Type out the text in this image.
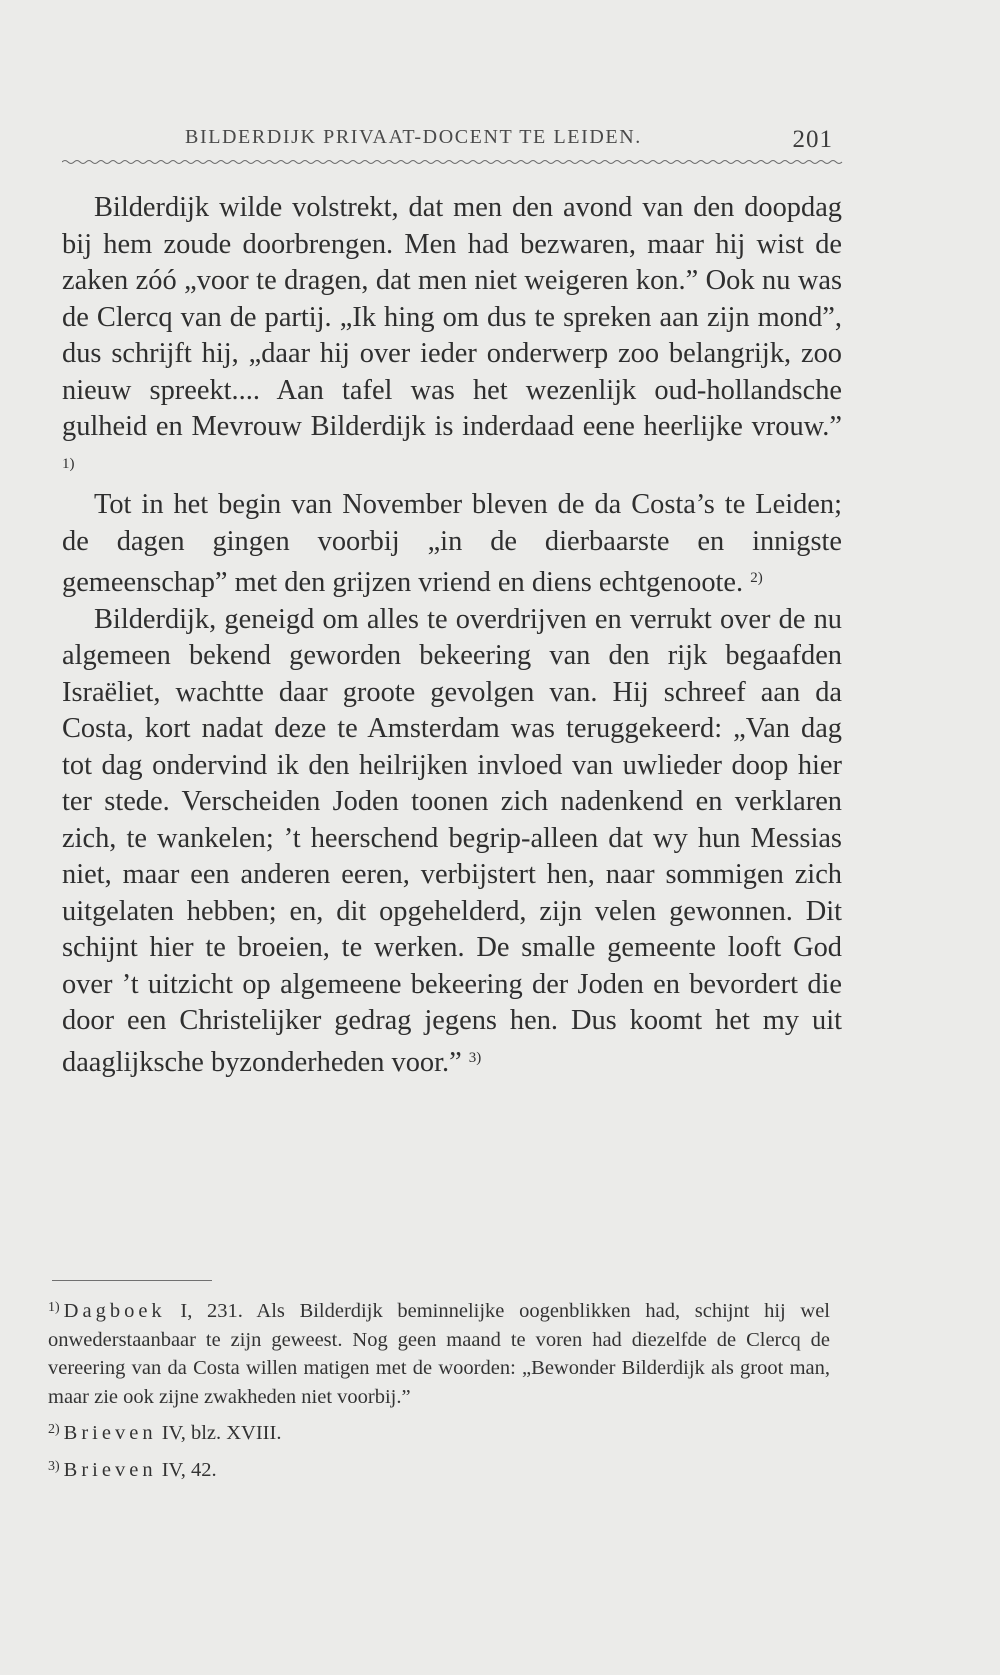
BILDERDIJK PRIVAAT-DOCENT TE LEIDEN.	201

Bilderdijk wilde volstrekt, dat men den avond van den doopdag bij hem zoude doorbrengen. Men had bezwaren, maar hij wist de zaken zóó „voor te dragen, dat men niet weigeren kon.” Ook nu was de Clercq van de partij. „Ik hing om dus te spreken aan zijn mond”, dus schrijft hij, „daar hij over ieder onderwerp zoo belangrijk, zoo nieuw spreekt.... Aan tafel was het wezenlijk oud-hollandsche gulheid en Mevrouw Bilderdijk is inderdaad eene heerlijke vrouw.” $^{1)}$

Tot in het begin van November bleven de da Costa’s te Leiden; de dagen gingen voorbij „in de dierbaarste en innigste gemeenschap” met den grijzen vriend en diens echtgenoote. $^{2)}$

Bilderdijk, geneigd om alles te overdrijven en verrukt over de nu algemeen bekend geworden bekeering van den rijk begaafden Israëliet, wachtte daar groote gevolgen van. Hij schreef aan da Costa, kort nadat deze te Amsterdam was teruggekeerd: „Van dag tot dag ondervind ik den heilrijken invloed van uwlieder doop hier ter stede. Verscheiden Joden toonen zich nadenkend en verklaren zich, te wankelen; ’t heerschend begrip-alleen dat wy hun Messias niet, maar een anderen eeren, verbijstert hen, naar sommigen zich uitgelaten hebben; en, dit opgehelderd, zijn velen gewonnen. Dit schijnt hier te broeien, te werken. De smalle gemeente looft God over ’t uitzicht op algemeene bekeering der Joden en bevordert die door een Christelijker gedrag jegens hen. Dus koomt het my uit daaglijksche byzonderheden voor.” $^{3)}$

$^{1)}$ Dagboek I, 231. Als Bilderdijk beminnelijke oogenblikken had, schijnt hij wel onwederstaanbaar te zijn geweest. Nog geen maand te voren had diezelfde de Clercq de vereering van da Costa willen matigen met de woorden: „Bewonder Bilderdijk als groot man, maar zie ook zijne zwakheden niet voorbij.”

$^{2)}$ Brieven IV, blz. XVIII.

$^{3)}$ Brieven IV, 42.
